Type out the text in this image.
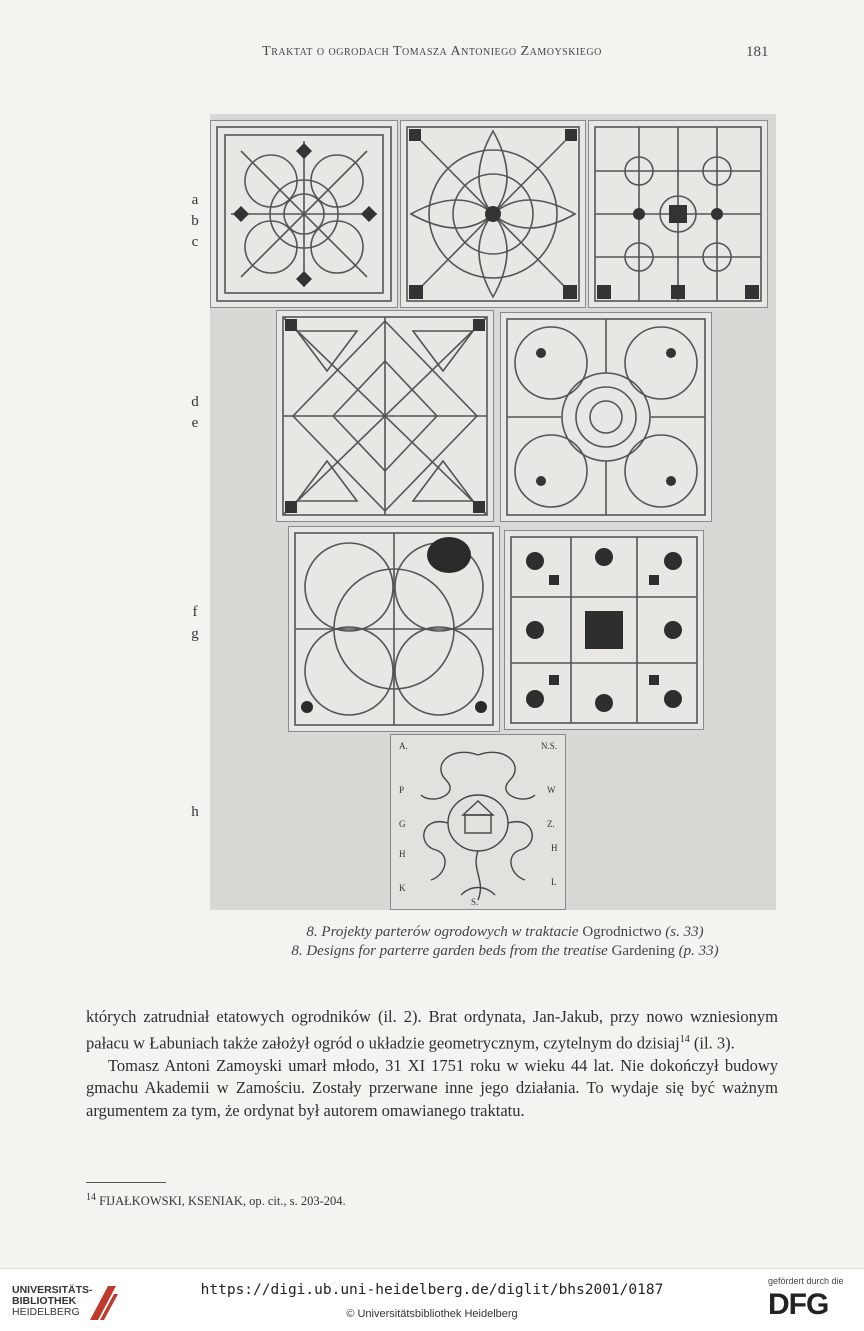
Traktat o ogrodach Tomasza Antoniego Zamoyskiego	181
a
b
c
d
e
f
g
h
A.	N.S.
P	W
G	Z.
H
H
K
L
S.
8. Projekty parterów ogrodowych w traktacie Ogrodnictwo (s. 33)
8. Designs for parterre garden beds from the treatise Gardening (p. 33)

których zatrudniał etatowych ogrodników (il. 2). Brat ordynata, Jan-Jakub, przy nowo wzniesionym pałacu w Łabuniach także założył ogród o układzie geometrycznym, czytelnym do dzisiaj$^{14}$ (il. 3).

Tomasz Antoni Zamoyski umarł młodo, 31 XI 1751 roku w wieku 44 lat. Nie dokończył budowy gmachu Akademii w Zamościu. Zostały przerwane inne jego działania. To wydaje się być ważnym argumentem za tym, że ordynat był autorem omawianego traktatu.

$^{14}$ FIJAŁKOWSKI, KSENIAK, op. cit., s. 203-204.
UNIVERSITÄTS-
BIBLIOTHEK
HEIDELBERG
https://digi.ub.uni-heidelberg.de/diglit/bhs2001/0187
© Universitätsbibliothek Heidelberg
gefördert durch die
DFG
